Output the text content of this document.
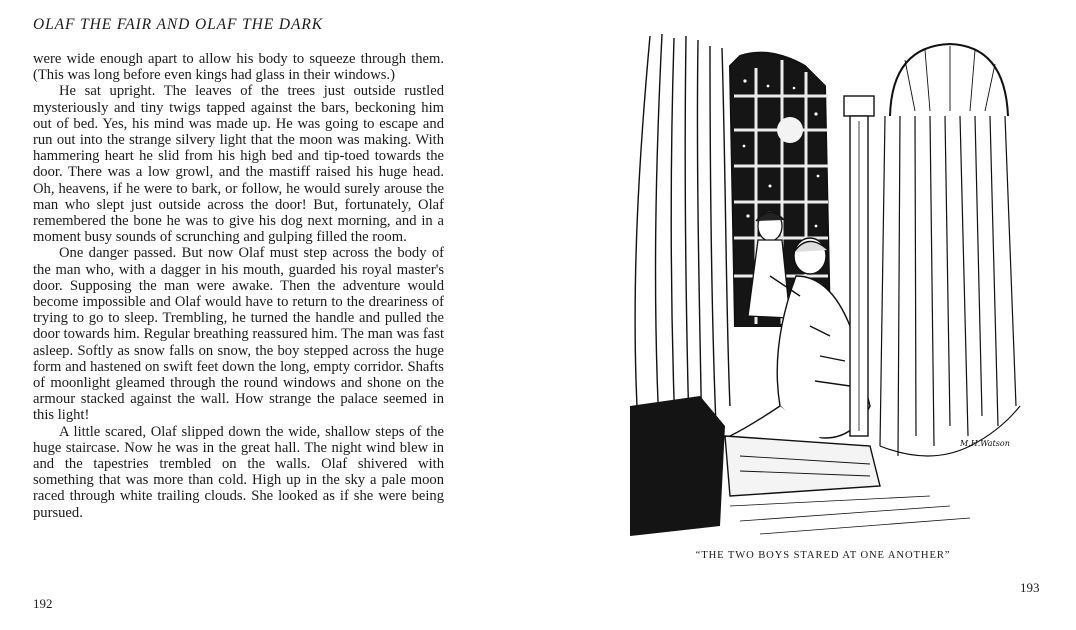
OLAF THE FAIR AND OLAF THE DARK

were wide enough apart to allow his body to squeeze through them. (This was long before even kings had glass in their windows.)

He sat upright. The leaves of the trees just outside rustled mysteriously and tiny twigs tapped against the bars, beckoning him out of bed. Yes, his mind was made up. He was going to escape and run out into the strange silvery light that the moon was making. With hammering heart he slid from his high bed and tip-toed towards the door. There was a low growl, and the mastiff raised his huge head. Oh, heavens, if he were to bark, or follow, he would surely arouse the man who slept just outside across the door! But, fortunately, Olaf remembered the bone he was to give his dog next morning, and in a moment busy sounds of scrunching and gulping filled the room.

One danger passed. But now Olaf must step across the body of the man who, with a dagger in his mouth, guarded his royal master's door. Supposing the man were awake. Then the adventure would become impossible and Olaf would have to return to the dreariness of trying to go to sleep. Trembling, he turned the handle and pulled the door towards him. Regular breathing reassured him. The man was fast asleep. Softly as snow falls on snow, the boy stepped across the huge form and hastened on swift feet down the long, empty corridor. Shafts of moonlight gleamed through the round windows and shone on the armour stacked against the wall. How strange the palace seemed in this light!

A little scared, Olaf slipped down the wide, shallow steps of the huge staircase. Now he was in the great hall. The night wind blew in and the tapestries trembled on the walls. Olaf shivered with something that was more than cold. High up in the sky a pale moon raced through white trailing clouds. She looked as if she were being pursued.

192
M.H.Watson
“THE TWO BOYS STARED AT ONE ANOTHER”
193
